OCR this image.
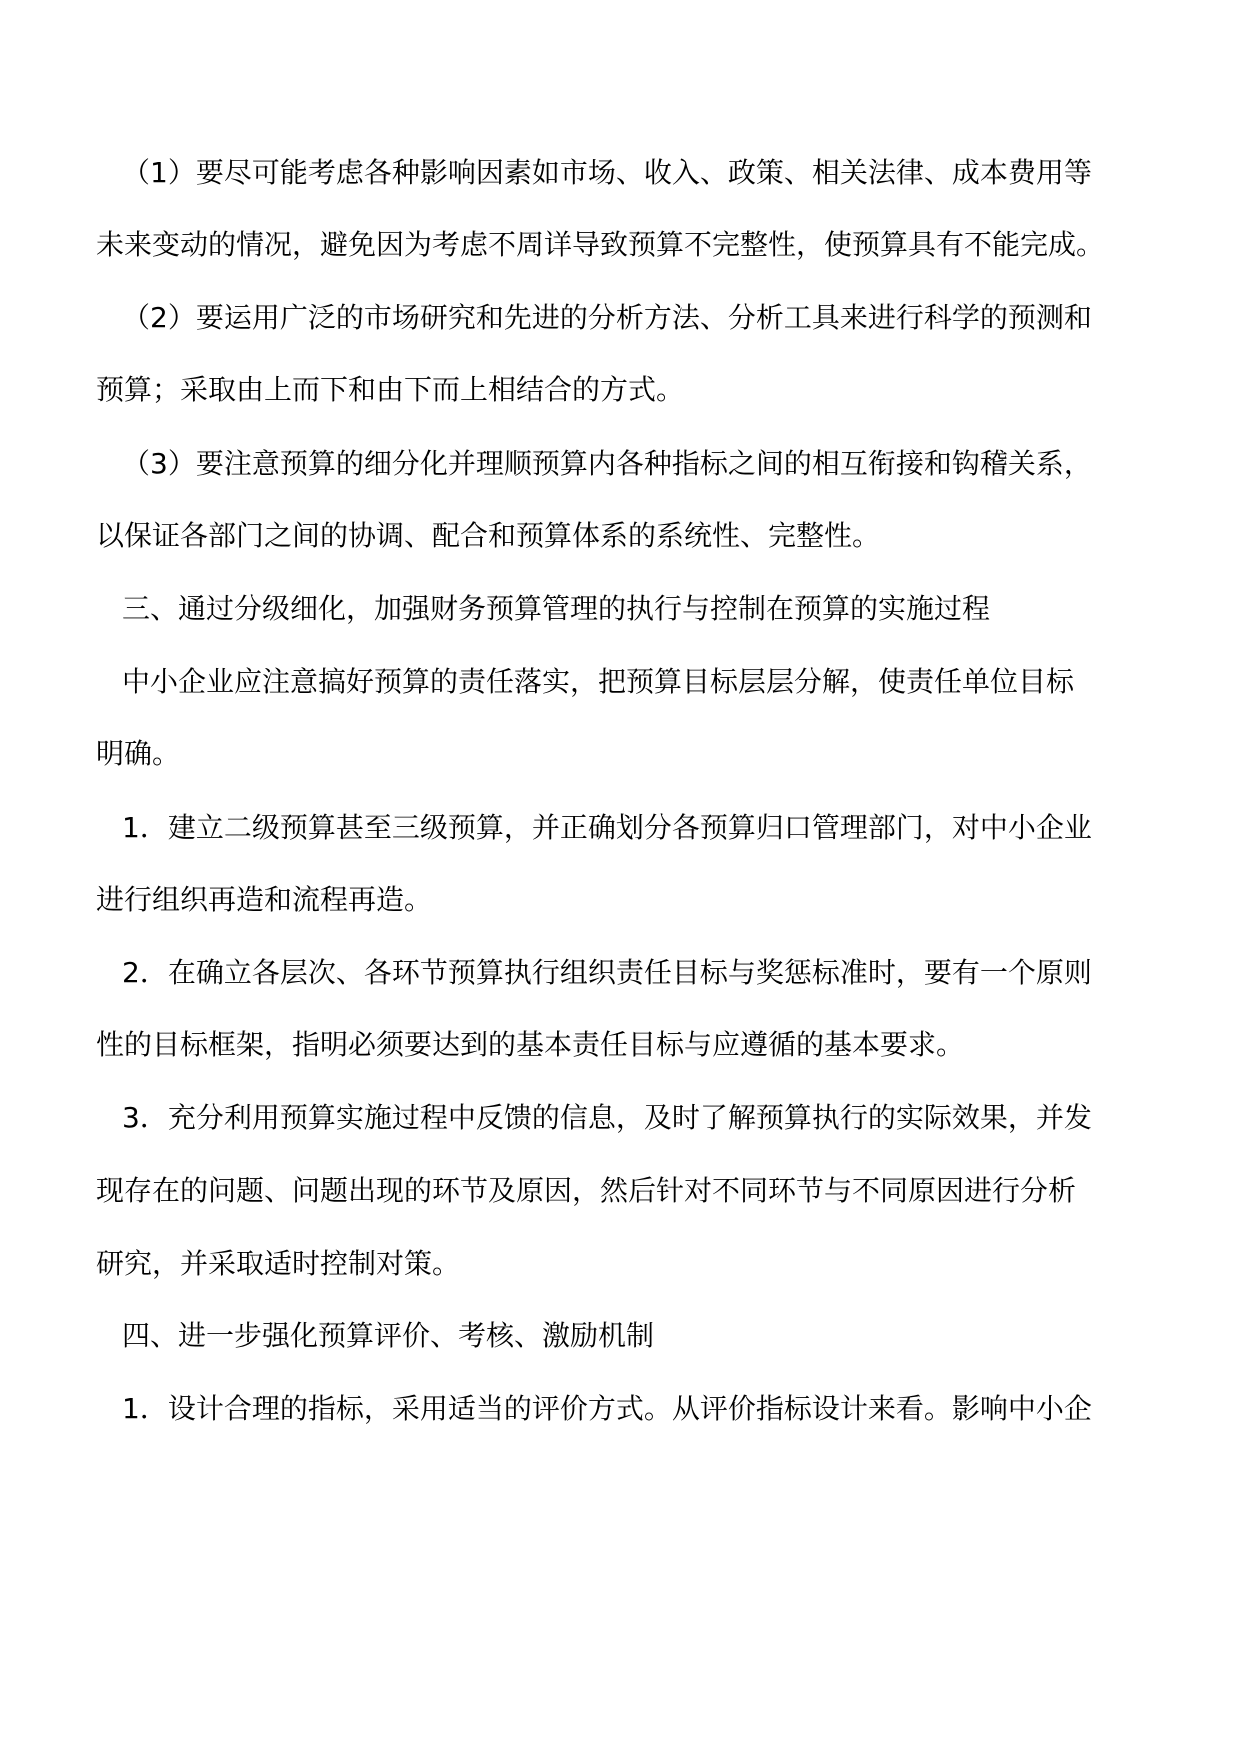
（1）要尽可能考虑各种影响因素如市场、收入、政策、相关法律、成本费用等
未来变动的情况，避免因为考虑不周详导致预算不完整性，使预算具有不能完成。
（2）要运用广泛的市场研究和先进的分析方法、分析工具来进行科学的预测和
预算；采取由上而下和由下而上相结合的方式。
（3）要注意预算的细分化并理顺预算内各种指标之间的相互衔接和钩稽关系，
以保证各部门之间的协调、配合和预算体系的系统性、完整性。
三、通过分级细化，加强财务预算管理的执行与控制在预算的实施过程
中小企业应注意搞好预算的责任落实，把预算目标层层分解，使责任单位目标
明确。
1．建立二级预算甚至三级预算，并正确划分各预算归口管理部门，对中小企业
进行组织再造和流程再造。
2．在确立各层次、各环节预算执行组织责任目标与奖惩标准时，要有一个原则
性的目标框架，指明必须要达到的基本责任目标与应遵循的基本要求。
3．充分利用预算实施过程中反馈的信息，及时了解预算执行的实际效果，并发
现存在的问题、问题出现的环节及原因，然后针对不同环节与不同原因进行分析
研究，并采取适时控制对策。
四、进一步强化预算评价、考核、激励机制
1．设计合理的指标，采用适当的评价方式。从评价指标设计来看。影响中小企
